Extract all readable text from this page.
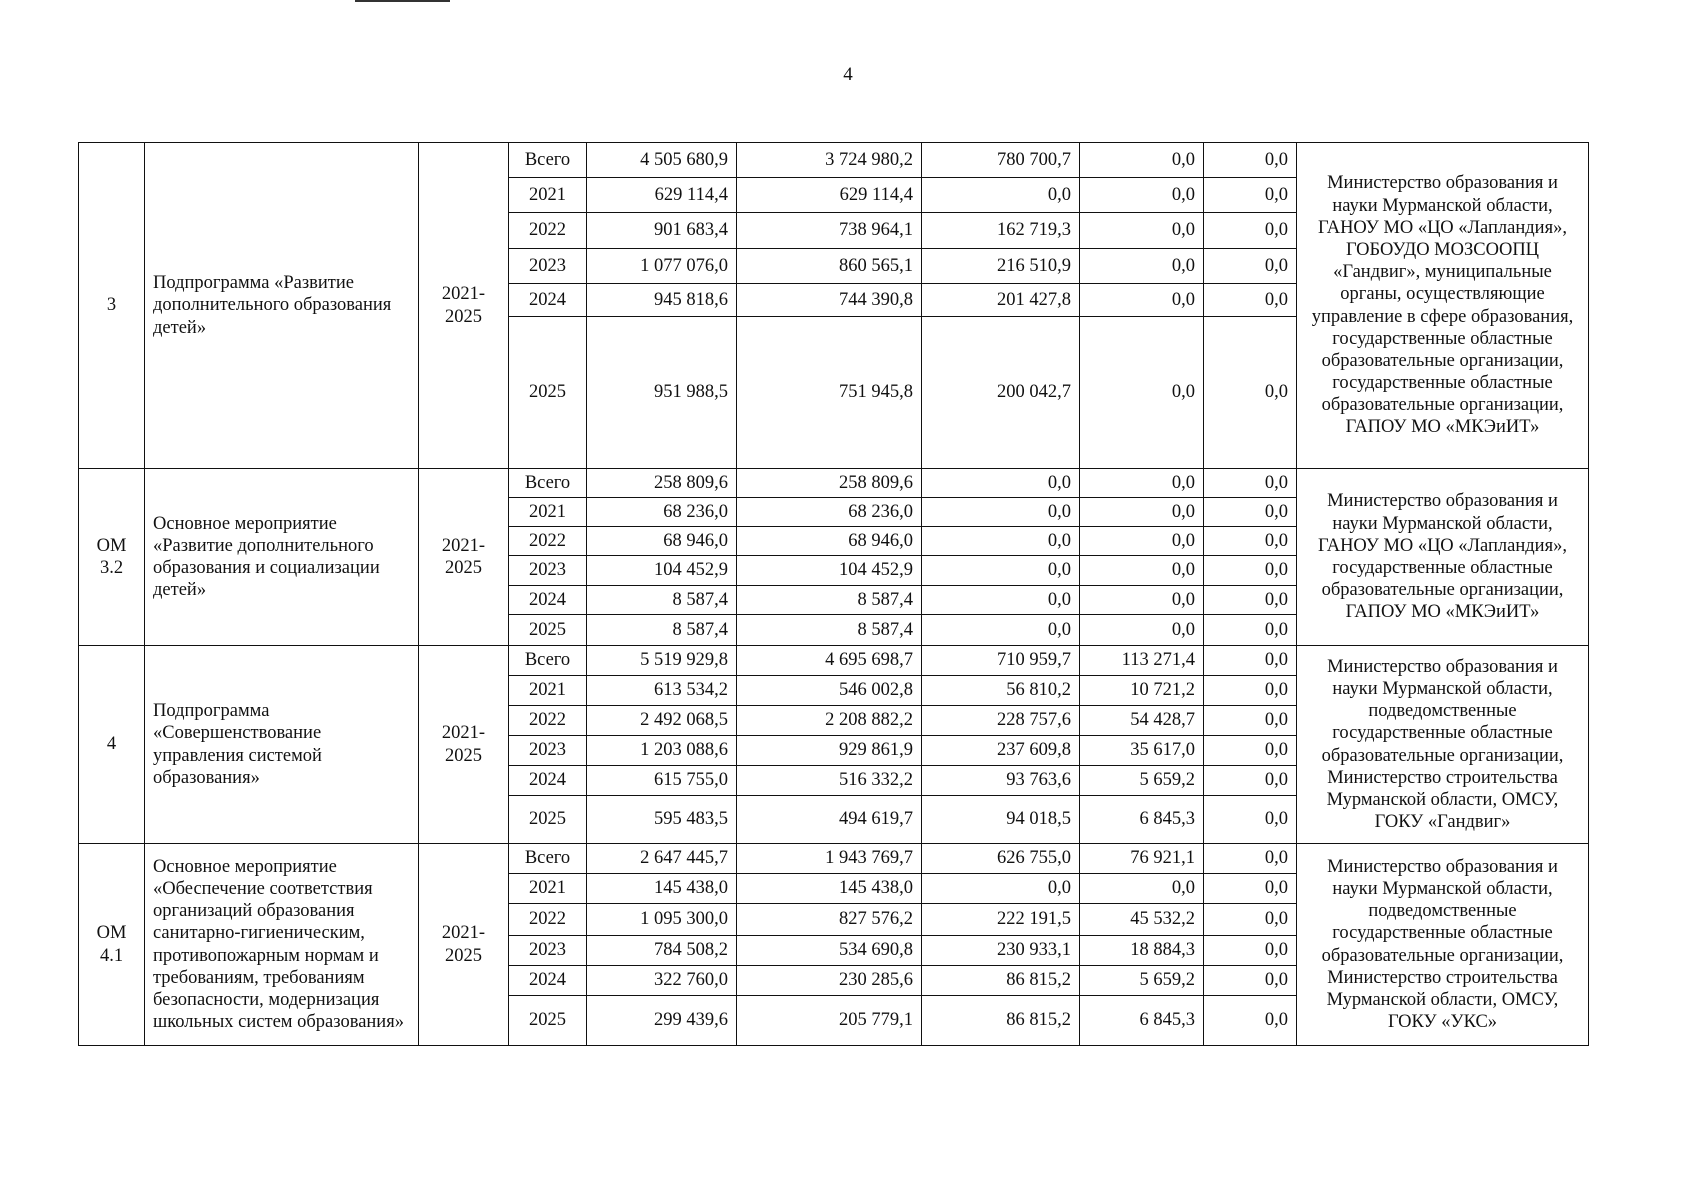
4
3	Подпрограмма «Развитие дополнительного образования детей»	2021-2025	Всего	4 505 680,9	3 724 980,2	780 700,7	0,0	0,0	Министерство образования и науки Мурманской области, ГАНОУ МО «ЦО «Лапландия», ГОБОУДО МОЗСООПЦ «Гандвиг», муниципальные органы, осуществляющие управление в сфере образования, государственные областные образовательные организации, государственные областные образовательные организации, ГАПОУ МО «МКЭиИТ»
			2021	629 114,4	629 114,4	0,0	0,0	0,0	
			2022	901 683,4	738 964,1	162 719,3	0,0	0,0	
			2023	1 077 076,0	860 565,1	216 510,9	0,0	0,0	
			2024	945 818,6	744 390,8	201 427,8	0,0	0,0	
			2025	951 988,5	751 945,8	200 042,7	0,0	0,0	
ОМ 3.2	Основное мероприятие «Развитие дополнительного образования и социализации детей»	2021-2025	Всего	258 809,6	258 809,6	0,0	0,0	0,0	Министерство образования и науки Мурманской области, ГАНОУ МО «ЦО «Лапландия», государственные областные образовательные организации, ГАПОУ МО «МКЭиИТ»
			2021	68 236,0	68 236,0	0,0	0,0	0,0	
			2022	68 946,0	68 946,0	0,0	0,0	0,0	
			2023	104 452,9	104 452,9	0,0	0,0	0,0	
			2024	8 587,4	8 587,4	0,0	0,0	0,0	
			2025	8 587,4	8 587,4	0,0	0,0	0,0	
4	Подпрограмма «Совершенствование управления системой образования»	2021-2025	Всего	5 519 929,8	4 695 698,7	710 959,7	113 271,4	0,0	Министерство образования и науки Мурманской области, подведомственные государственные областные образовательные организации, Министерство строительства Мурманской области, ОМСУ, ГОКУ «Гандвиг»
			2021	613 534,2	546 002,8	56 810,2	10 721,2	0,0	
			2022	2 492 068,5	2 208 882,2	228 757,6	54 428,7	0,0	
			2023	1 203 088,6	929 861,9	237 609,8	35 617,0	0,0	
			2024	615 755,0	516 332,2	93 763,6	5 659,2	0,0	
			2025	595 483,5	494 619,7	94 018,5	6 845,3	0,0	
ОМ 4.1	Основное мероприятие «Обеспечение соответствия организаций образования санитарно-гигиеническим, противопожарным нормам и требованиям, требованиям безопасности, модернизация школьных систем образования»	2021-2025	Всего	2 647 445,7	1 943 769,7	626 755,0	76 921,1	0,0	Министерство образования и науки Мурманской области, подведомственные государственные областные образовательные организации, Министерство строительства Мурманской области, ОМСУ, ГОКУ «УКС»
			2021	145 438,0	145 438,0	0,0	0,0	0,0	
			2022	1 095 300,0	827 576,2	222 191,5	45 532,2	0,0	
			2023	784 508,2	534 690,8	230 933,1	18 884,3	0,0	
			2024	322 760,0	230 285,6	86 815,2	5 659,2	0,0	
			2025	299 439,6	205 779,1	86 815,2	6 845,3	0,0	
